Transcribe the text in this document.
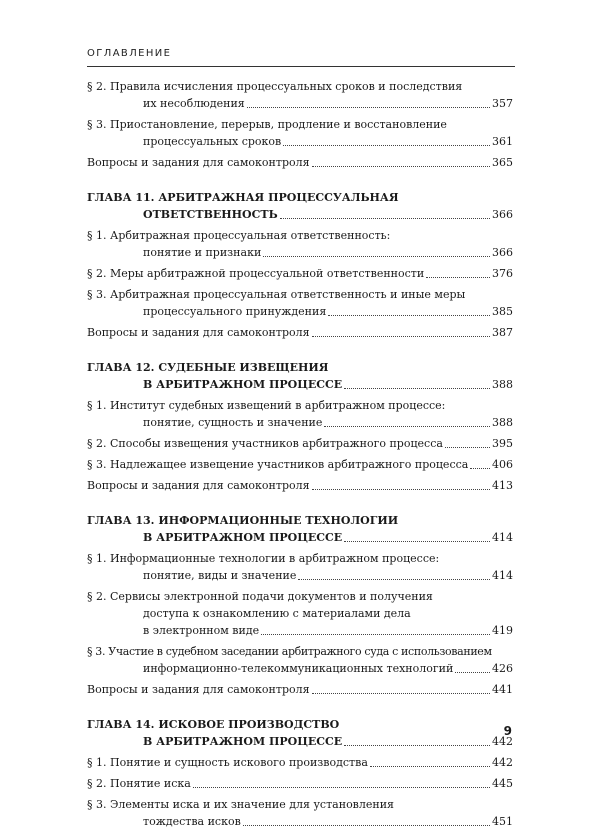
ОГЛАВЛЕНИЕ
§ 2. Правила исчисления процессуальных сроков и последствия
их несоблюдения	357
§ 3. Приостановление, перерыв, продление и восстановление
процессуальных сроков	361
Вопросы и задания для самоконтроля	365
ГЛАВА 11. АРБИТРАЖНАЯ ПРОЦЕССУАЛЬНАЯ
ОТВЕТСТВЕННОСТЬ	366
§ 1. Арбитражная процессуальная ответственность:
понятие и признаки	366
§ 2. Меры арбитражной процессуальной ответственности	376
§ 3. Арбитражная процессуальная ответственность и иные меры
процессуального принуждения	385
Вопросы и задания для самоконтроля	387
ГЛАВА 12. СУДЕБНЫЕ ИЗВЕЩЕНИЯ
В АРБИТРАЖНОМ ПРОЦЕССЕ	388
§ 1. Институт судебных извещений в арбитражном процессе:
понятие, сущность и значение	388
§ 2. Способы извещения участников арбитражного процесса	395
§ 3. Надлежащее извещение участников арбитражного процесса 406
Вопросы и задания для самоконтроля	413
ГЛАВА 13. ИНФОРМАЦИОННЫЕ ТЕХНОЛОГИИ
В АРБИТРАЖНОМ ПРОЦЕССЕ	414
§ 1. Информационные технологии в арбитражном процессе:
понятие, виды и значение	414
§ 2. Сервисы электронной подачи документов и получения
доступа к ознакомлению с материалами дела
в электронном виде	419
§ 3. Участие в судебном заседании арбитражного суда с использованием
информационно-телекоммуникационных технологий	426
Вопросы и задания для самоконтроля	441
ГЛАВА 14. ИСКОВОЕ ПРОИЗВОДСТВО
В АРБИТРАЖНОМ ПРОЦЕССЕ	442
§ 1. Понятие и сущность искового производства	442
§ 2. Понятие иска	445
§ 3. Элементы иска и их значение для установления
тождества исков	451
9
